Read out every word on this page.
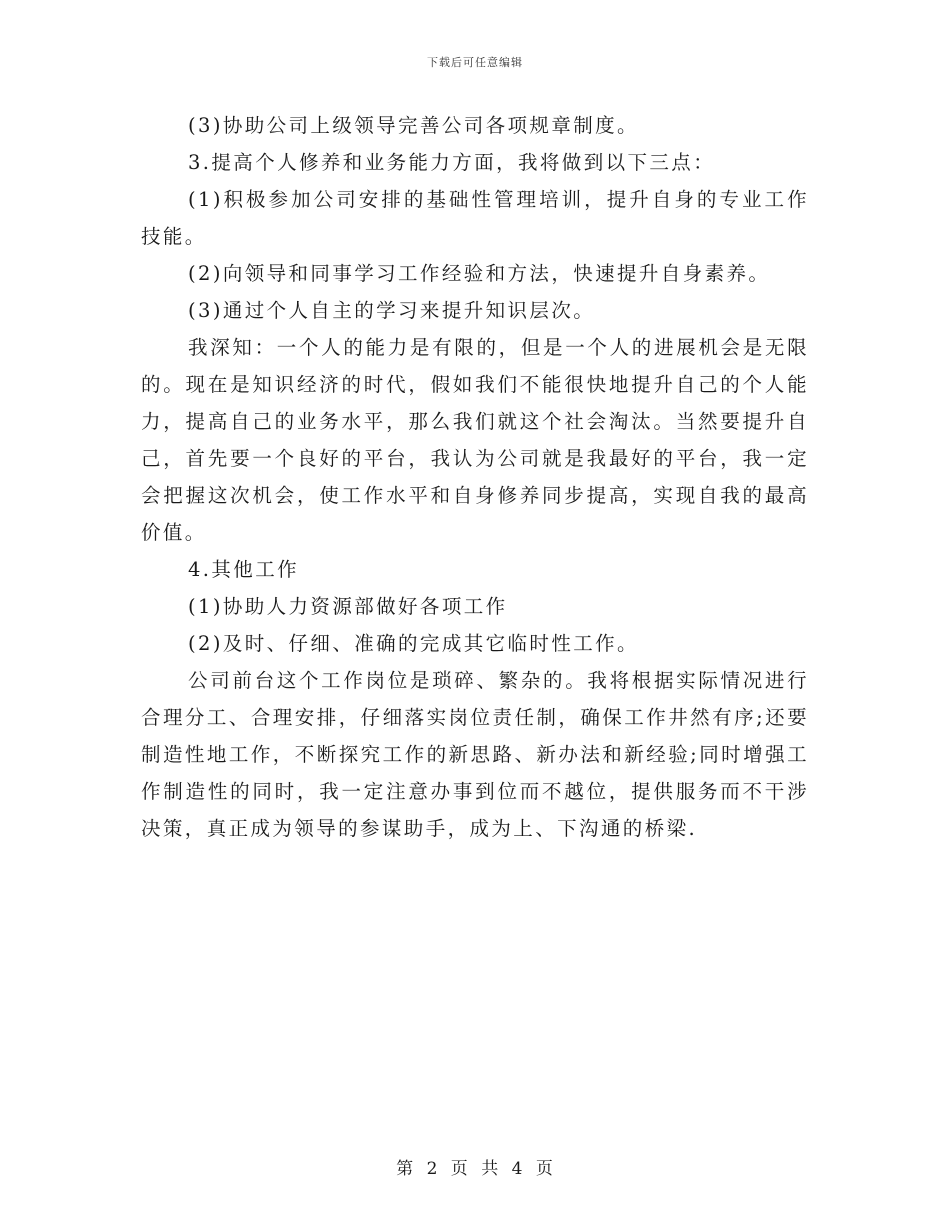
下载后可任意编辑

(3)协助公司上级领导完善公司各项规章制度。

3.提高个人修养和业务能力方面，我将做到以下三点：

(1)积极参加公司安排的基础性管理培训，提升自身的专业工作技能。

(2)向领导和同事学习工作经验和方法，快速提升自身素养。

(3)通过个人自主的学习来提升知识层次。

我深知：一个人的能力是有限的，但是一个人的进展机会是无限的。现在是知识经济的时代，假如我们不能很快地提升自己的个人能力，提高自己的业务水平，那么我们就这个社会淘汰。当然要提升自己，首先要一个良好的平台，我认为公司就是我最好的平台，我一定会把握这次机会，使工作水平和自身修养同步提高，实现自我的最高价值。

4.其他工作

(1)协助人力资源部做好各项工作

(2)及时、仔细、准确的完成其它临时性工作。

公司前台这个工作岗位是琐碎、繁杂的。我将根据实际情况进行合理分工、合理安排，仔细落实岗位责任制，确保工作井然有序;还要制造性地工作，不断探究工作的新思路、新办法和新经验;同时增强工作制造性的同时，我一定注意办事到位而不越位，提供服务而不干涉决策，真正成为领导的参谋助手，成为上、下沟通的桥梁.

第 2 页 共 4 页
